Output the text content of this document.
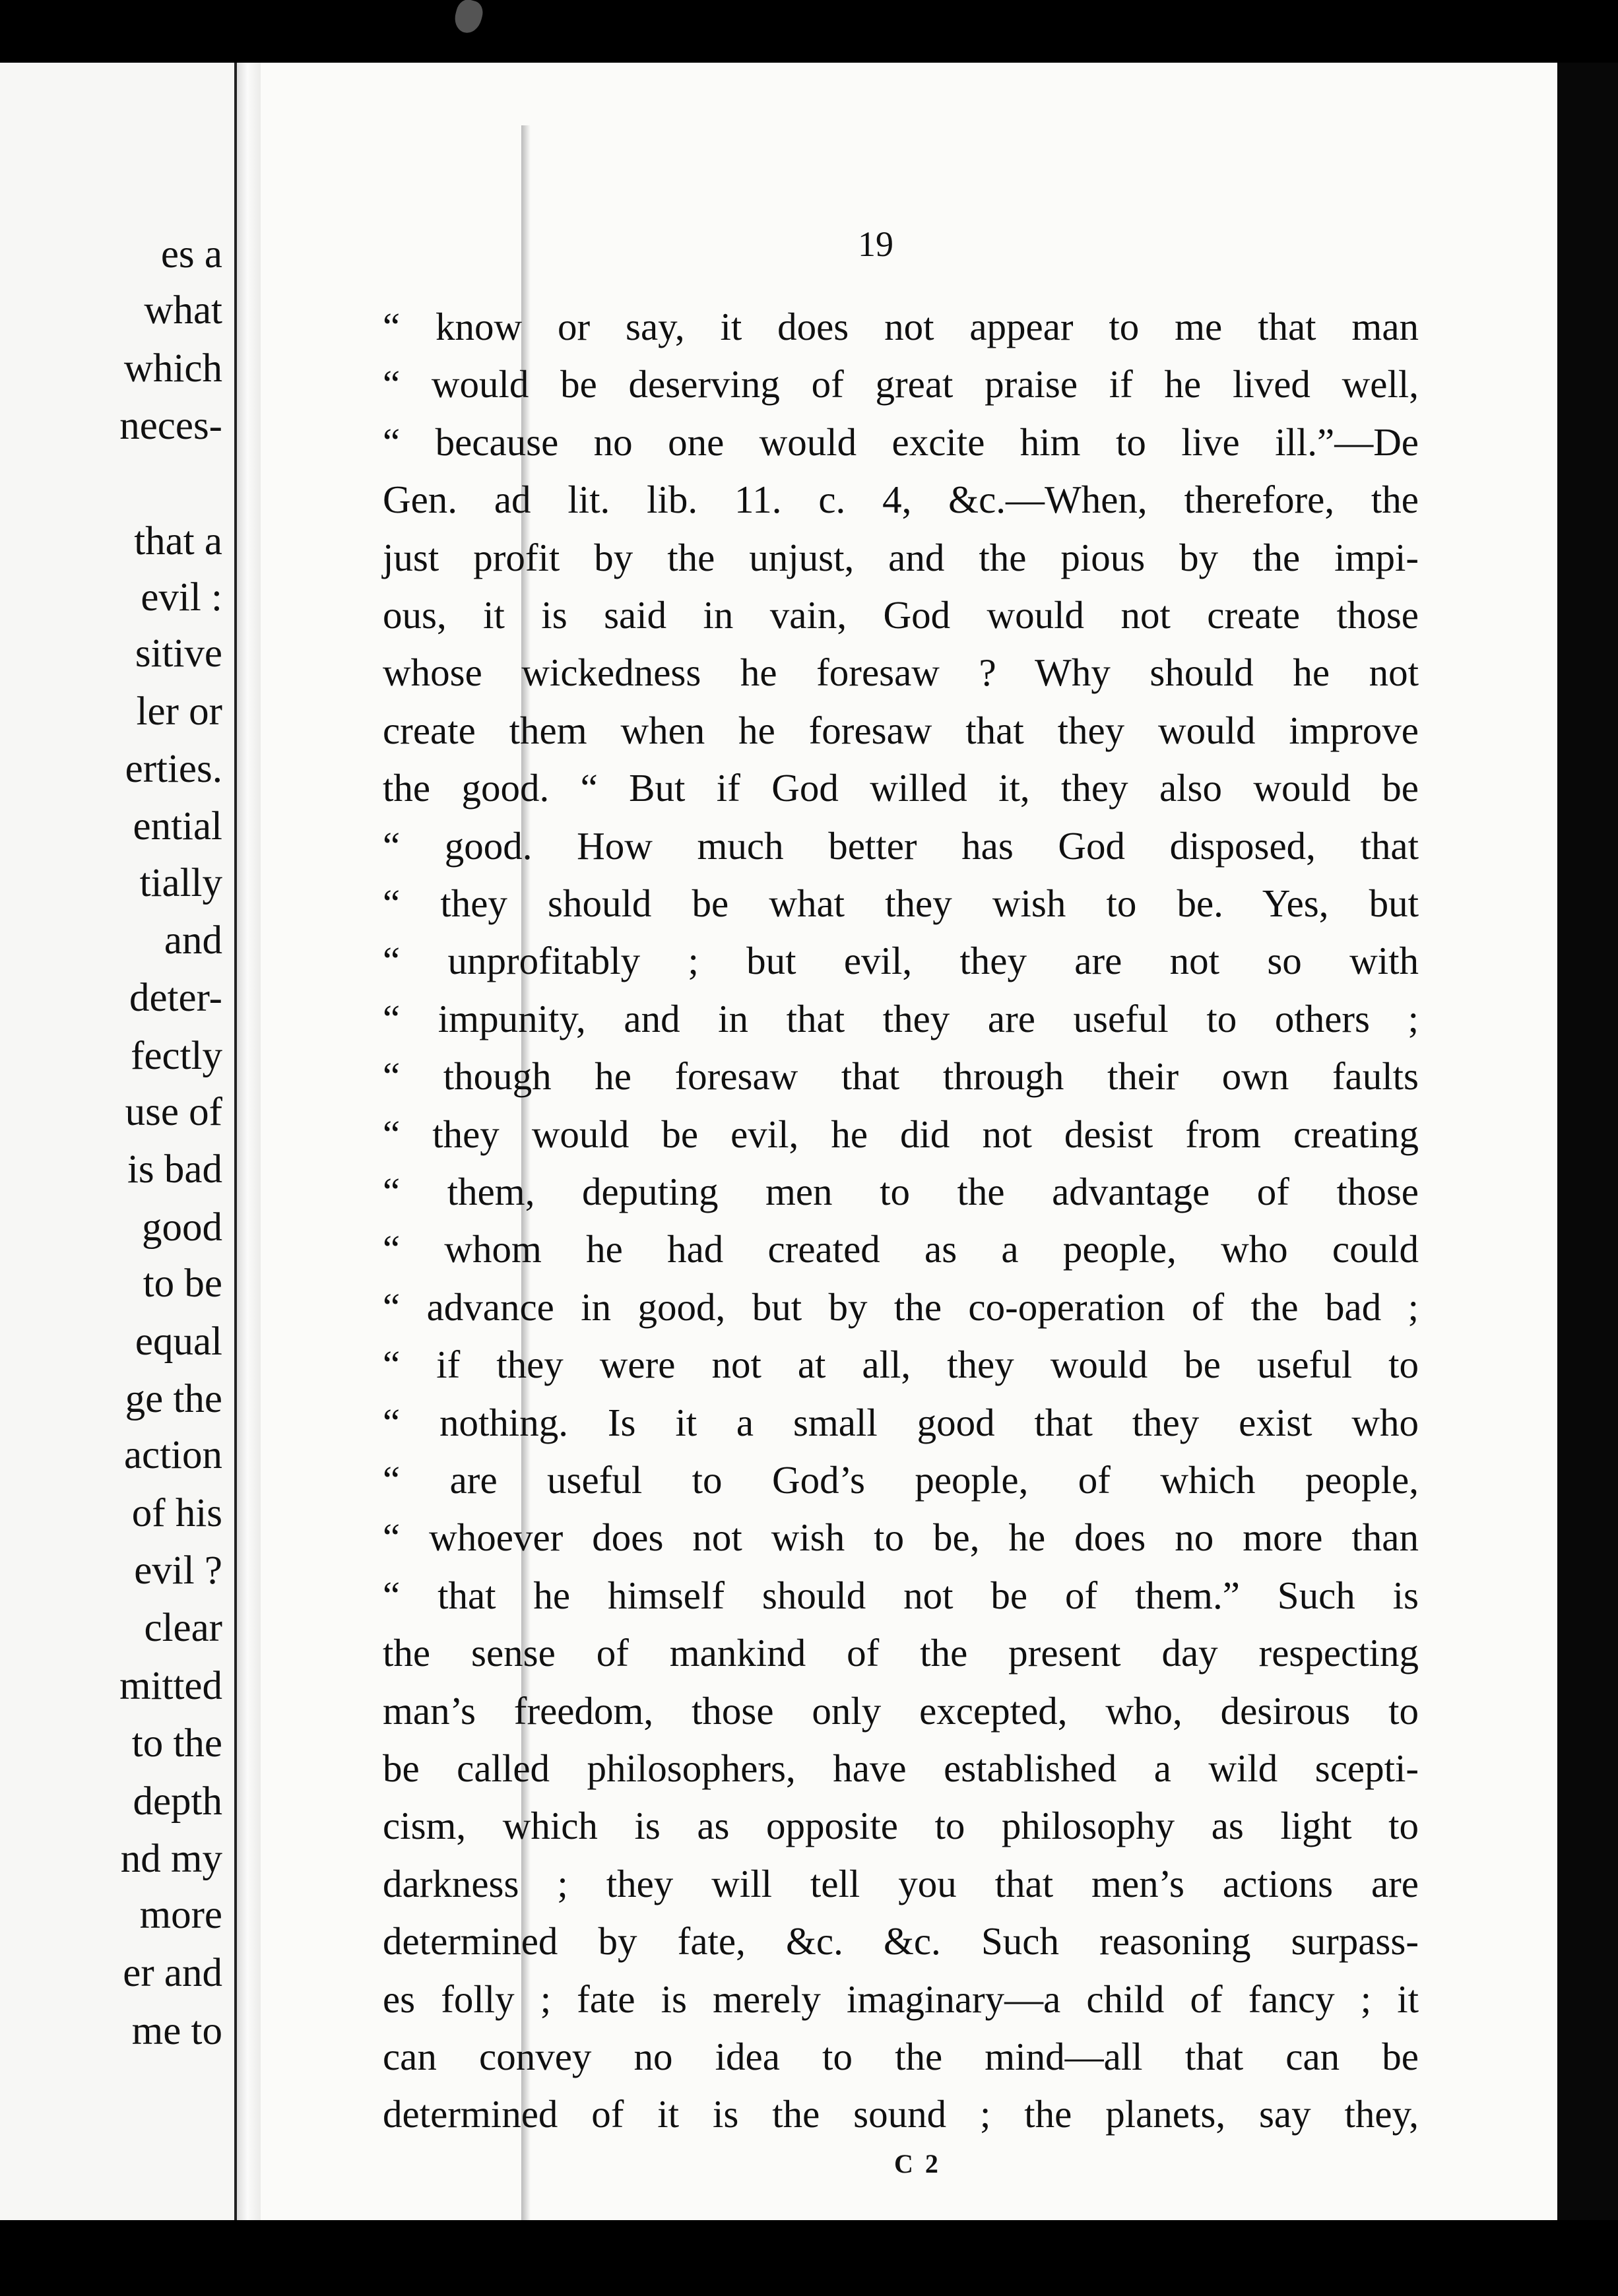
es a
what
which
neces-
that a
evil :
sitive
ler or
erties.
ential
tially
and
deter-
fectly
use of
is bad
good
to be
equal
ge the
action
of his
evil ?
clear
mitted
to the
depth
nd my
more
er and
me to
19
“ know or say, it does not appear to me that man
“ would be deserving of great praise if he lived well,
“ because no one would excite him to live ill.”—De
Gen. ad lit. lib. 11. c. 4, &c.—When, therefore, the
just profit by the unjust, and the pious by the impi-
ous, it is said in vain, God would not create those
whose wickedness he foresaw ? Why should he not
create them when he foresaw that they would improve
the good. “ But if God willed it, they also would be
“ good. How much better has God disposed, that
“ they should be what they wish to be. Yes, but
“ unprofitably ; but evil, they are not so with
“ impunity, and in that they are useful to others ;
“ though he foresaw that through their own faults
“ they would be evil, he did not desist from creating
“ them, deputing men to the advantage of those
“ whom he had created as a people, who could
“ advance in good, but by the co-operation of the bad ;
“ if they were not at all, they would be useful to
“ nothing. Is it a small good that they exist who
“ are useful to God’s people, of which people,
“ whoever does not wish to be, he does no more than
“ that he himself should not be of them.” Such is
the sense of mankind of the present day respecting
man’s freedom, those only excepted, who, desirous to
be called philosophers, have established a wild scepti-
cism, which is as opposite to philosophy as light to
darkness ; they will tell you that men’s actions are
determined by fate, &c. &c. Such reasoning surpass-
es folly ; fate is merely imaginary—a child of fancy ; it
can convey no idea to the mind—all that can be
determined of it is the sound ; the planets, say they,
C 2
